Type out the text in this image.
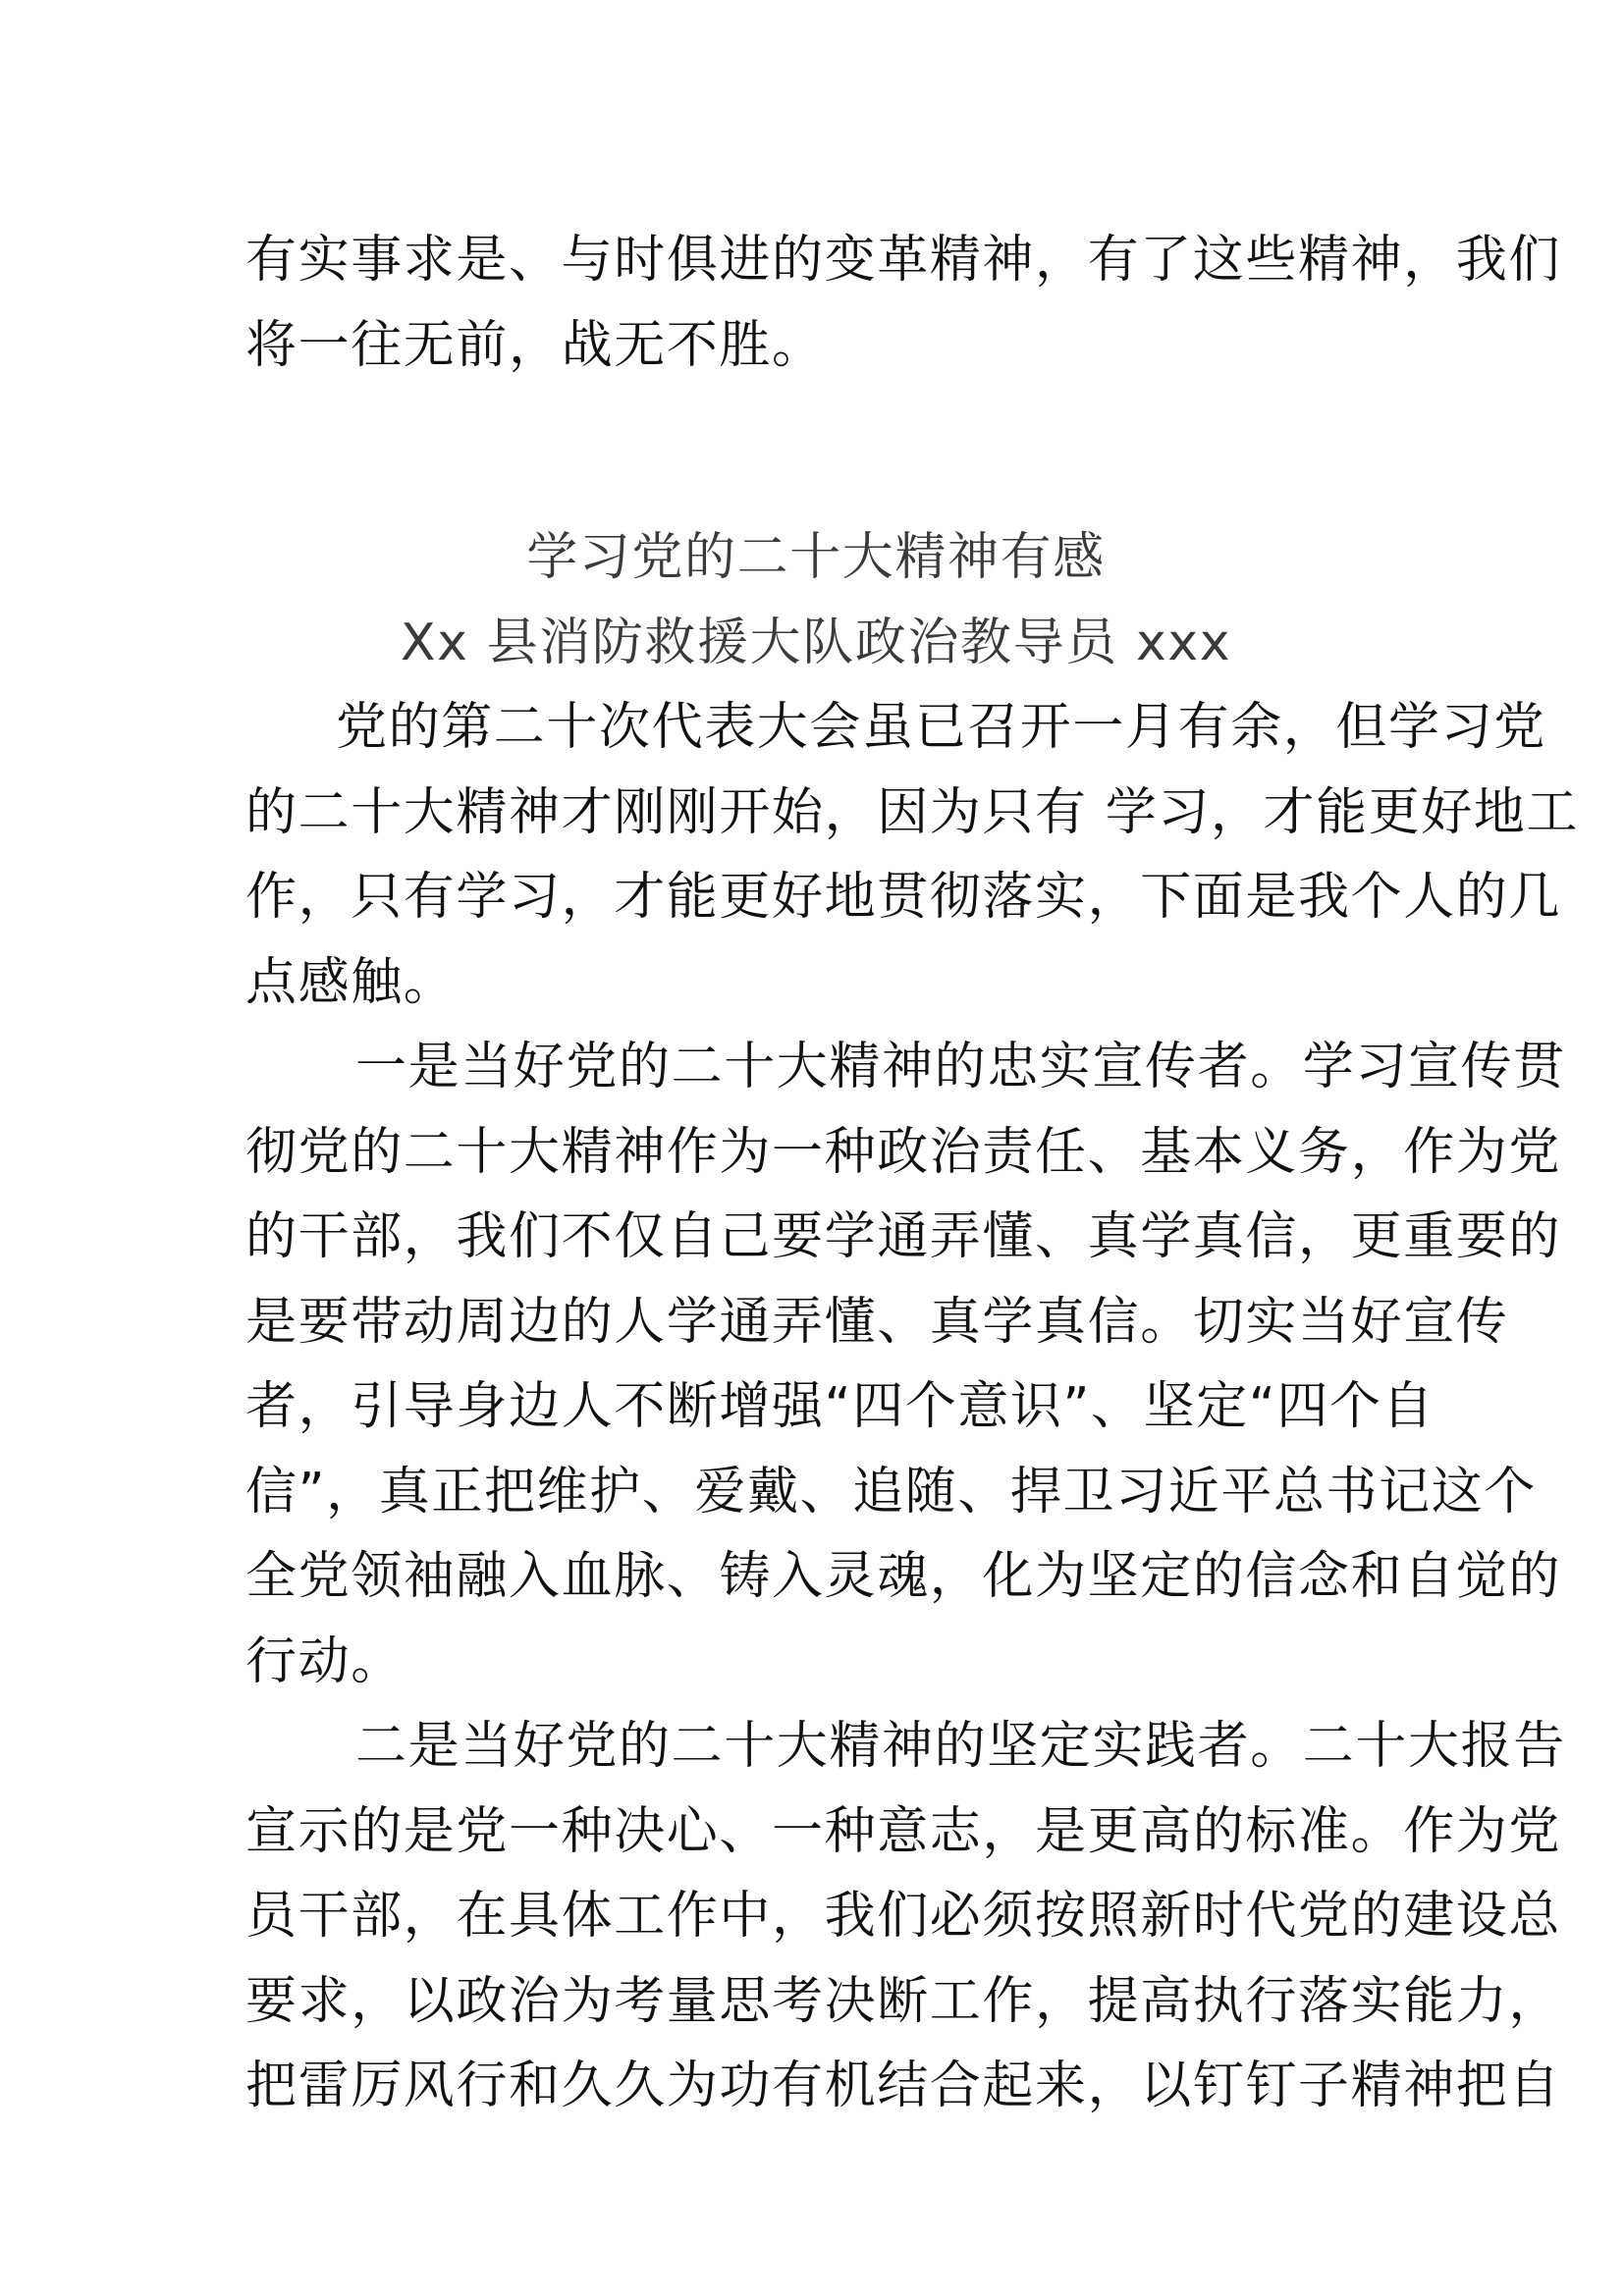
有实事求是、与时俱进的变革精神，有了这些精神，我们
将一往无前，战无不胜。
学习党的二十大精神有感
Xx 县消防救援大队政治教导员 xxx
党的第二十次代表大会虽已召开一月有余，但学习党
的二十大精神才刚刚开始，因为只有 学习，才能更好地工
作，只有学习，才能更好地贯彻落实，下面是我个人的几
点感触。
一是当好党的二十大精神的忠实宣传者。学习宣传贯
彻党的二十大精神作为一种政治责任、基本义务，作为党
的干部，我们不仅自己要学通弄懂、真学真信，更重要的
是要带动周边的人学通弄懂、真学真信。切实当好宣传
者，引导身边人不断增强“四个意识”、坚定“四个自
信”，真正把维护、爱戴、追随、捍卫习近平总书记这个
全党领袖融入血脉、铸入灵魂，化为坚定的信念和自觉的
行动。
二是当好党的二十大精神的坚定实践者。二十大报告
宣示的是党一种决心、一种意志，是更高的标准。作为党
员干部，在具体工作中，我们必须按照新时代党的建设总
要求，以政治为考量思考决断工作，提高执行落实能力，
把雷厉风行和久久为功有机结合起来，以钉钉子精神把自
